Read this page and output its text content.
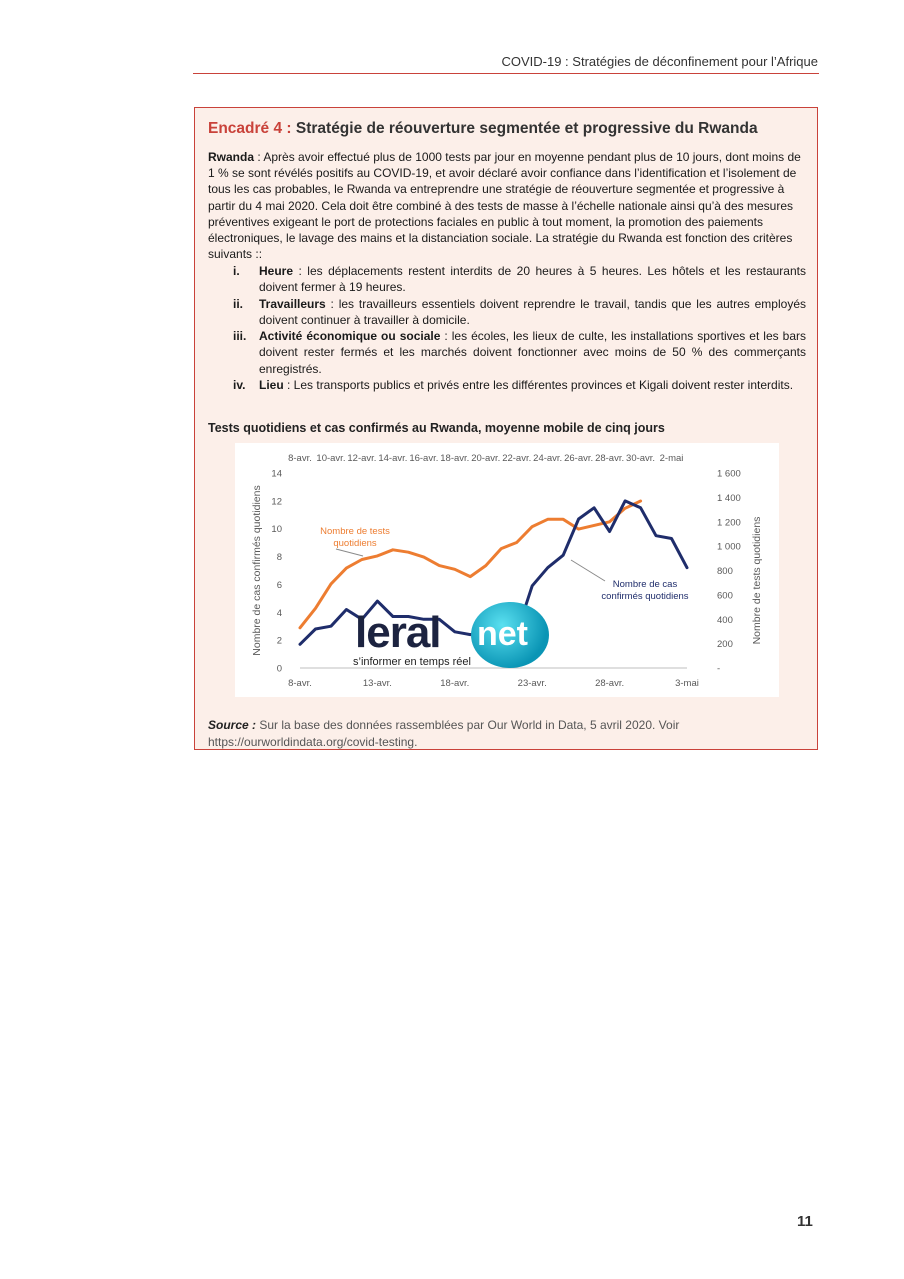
COVID-19 : Stratégies de déconfinement pour l’Afrique
Encadré 4 : Stratégie de réouverture segmentée et progressive du Rwanda

Rwanda : Après avoir effectué plus de 1000 tests par jour en moyenne pendant plus de 10 jours, dont moins de 1 % se sont révélés positifs au COVID-19, et avoir déclaré avoir confiance dans l’identification et l’isolement de tous les cas probables, le Rwanda va entreprendre une stratégie de réouverture segmentée et progressive à partir du 4 mai 2020. Cela doit être combiné à des tests de masse à l’échelle nationale ainsi qu’à des mesures préventives exigeant le port de protections faciales en public à tout moment, la promotion des paiements électroniques, le lavage des mains et la distanciation sociale. La stratégie du Rwanda est fonction des critères suivants ::

i. Heure : les déplacements restent interdits de 20 heures à 5 heures. Les hôtels et les restaurants doivent fermer à 19 heures.
ii. Travailleurs : les travailleurs essentiels doivent reprendre le travail, tandis que les autres employés doivent continuer à travailler à domicile.
iii. Activité économique ou sociale : les écoles, les lieux de culte, les installations sportives et les bars doivent rester fermés et les marchés doivent fonctionner avec moins de 50 % des commerçants enregistrés.
iv. Lieu : Les transports publics et privés entre les différentes provinces et Kigali doivent rester interdits.
Tests quotidiens et cas confirmés au Rwanda, moyenne mobile de cinq jours
0
2
4
6
8
10
12
14
-
200
400
600
800
1 000
1 200
1 400
1 600
Nombre de cas confirmés quotidiens	Nombre de tests quotidiens
8-avr. 10-avr. 12-avr. 14-avr. 16-avr. 18-avr. 20-avr. 22-avr. 24-avr. 26-avr. 28-avr. 30-avr. 2-mai
8-avr.	13-avr.	18-avr.	23-avr.	28-avr.	3-mai
Nombre de tests
quotidiens
Nombre de cas
confirmés quotidiens
leral net
s’informer en temps réel

Source : Sur la base des données rassemblées par Our World in Data, 5 avril 2020. Voir https://ourworldindata.org/covid-testing.

11
